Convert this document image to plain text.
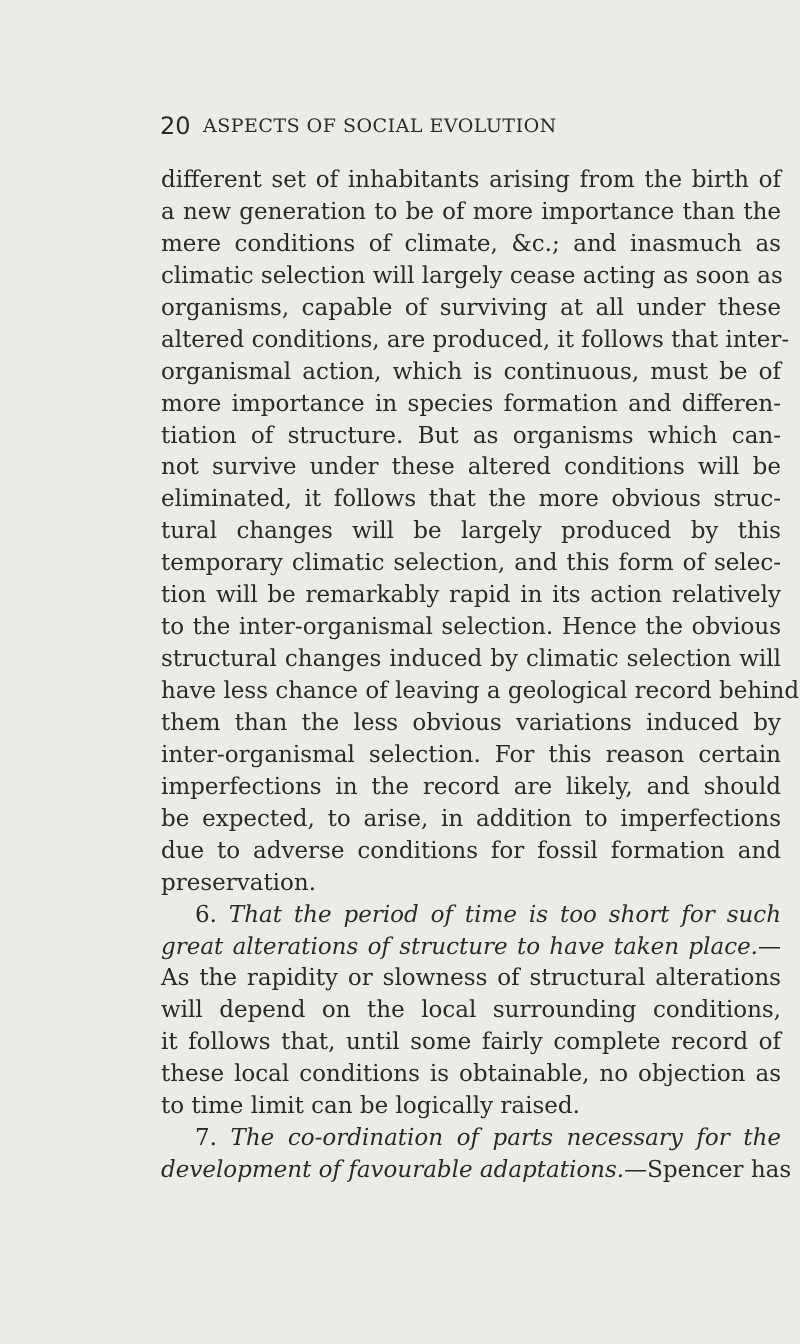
20 ASPECTS OF SOCIAL EVOLUTION
different set of inhabitants arising from the birth of
a new generation to be of more importance than the
mere conditions of climate, &c.; and inasmuch as
climatic selection will largely cease acting as soon as
organisms, capable of surviving at all under these
altered conditions, are produced, it follows that inter-
organismal action, which is continuous, must be of
more importance in species formation and differen-
tiation of structure. But as organisms which can-
not survive under these altered conditions will be
eliminated, it follows that the more obvious struc-
tural changes will be largely produced by this
temporary climatic selection, and this form of selec-
tion will be remarkably rapid in its action relatively
to the inter-organismal selection. Hence the obvious
structural changes induced by climatic selection will
have less chance of leaving a geological record behind
them than the less obvious variations induced by
inter-organismal selection. For this reason certain
imperfections in the record are likely, and should
be expected, to arise, in addition to imperfections
due to adverse conditions for fossil formation and
preservation.
6. That the period of time is too short for such
great alterations of structure to have taken place.—
As the rapidity or slowness of structural alterations
will depend on the local surrounding conditions,
it follows that, until some fairly complete record of
these local conditions is obtainable, no objection as
to time limit can be logically raised.
7. The co-ordination of parts necessary for the
development of favourable adaptations.—Spencer has
